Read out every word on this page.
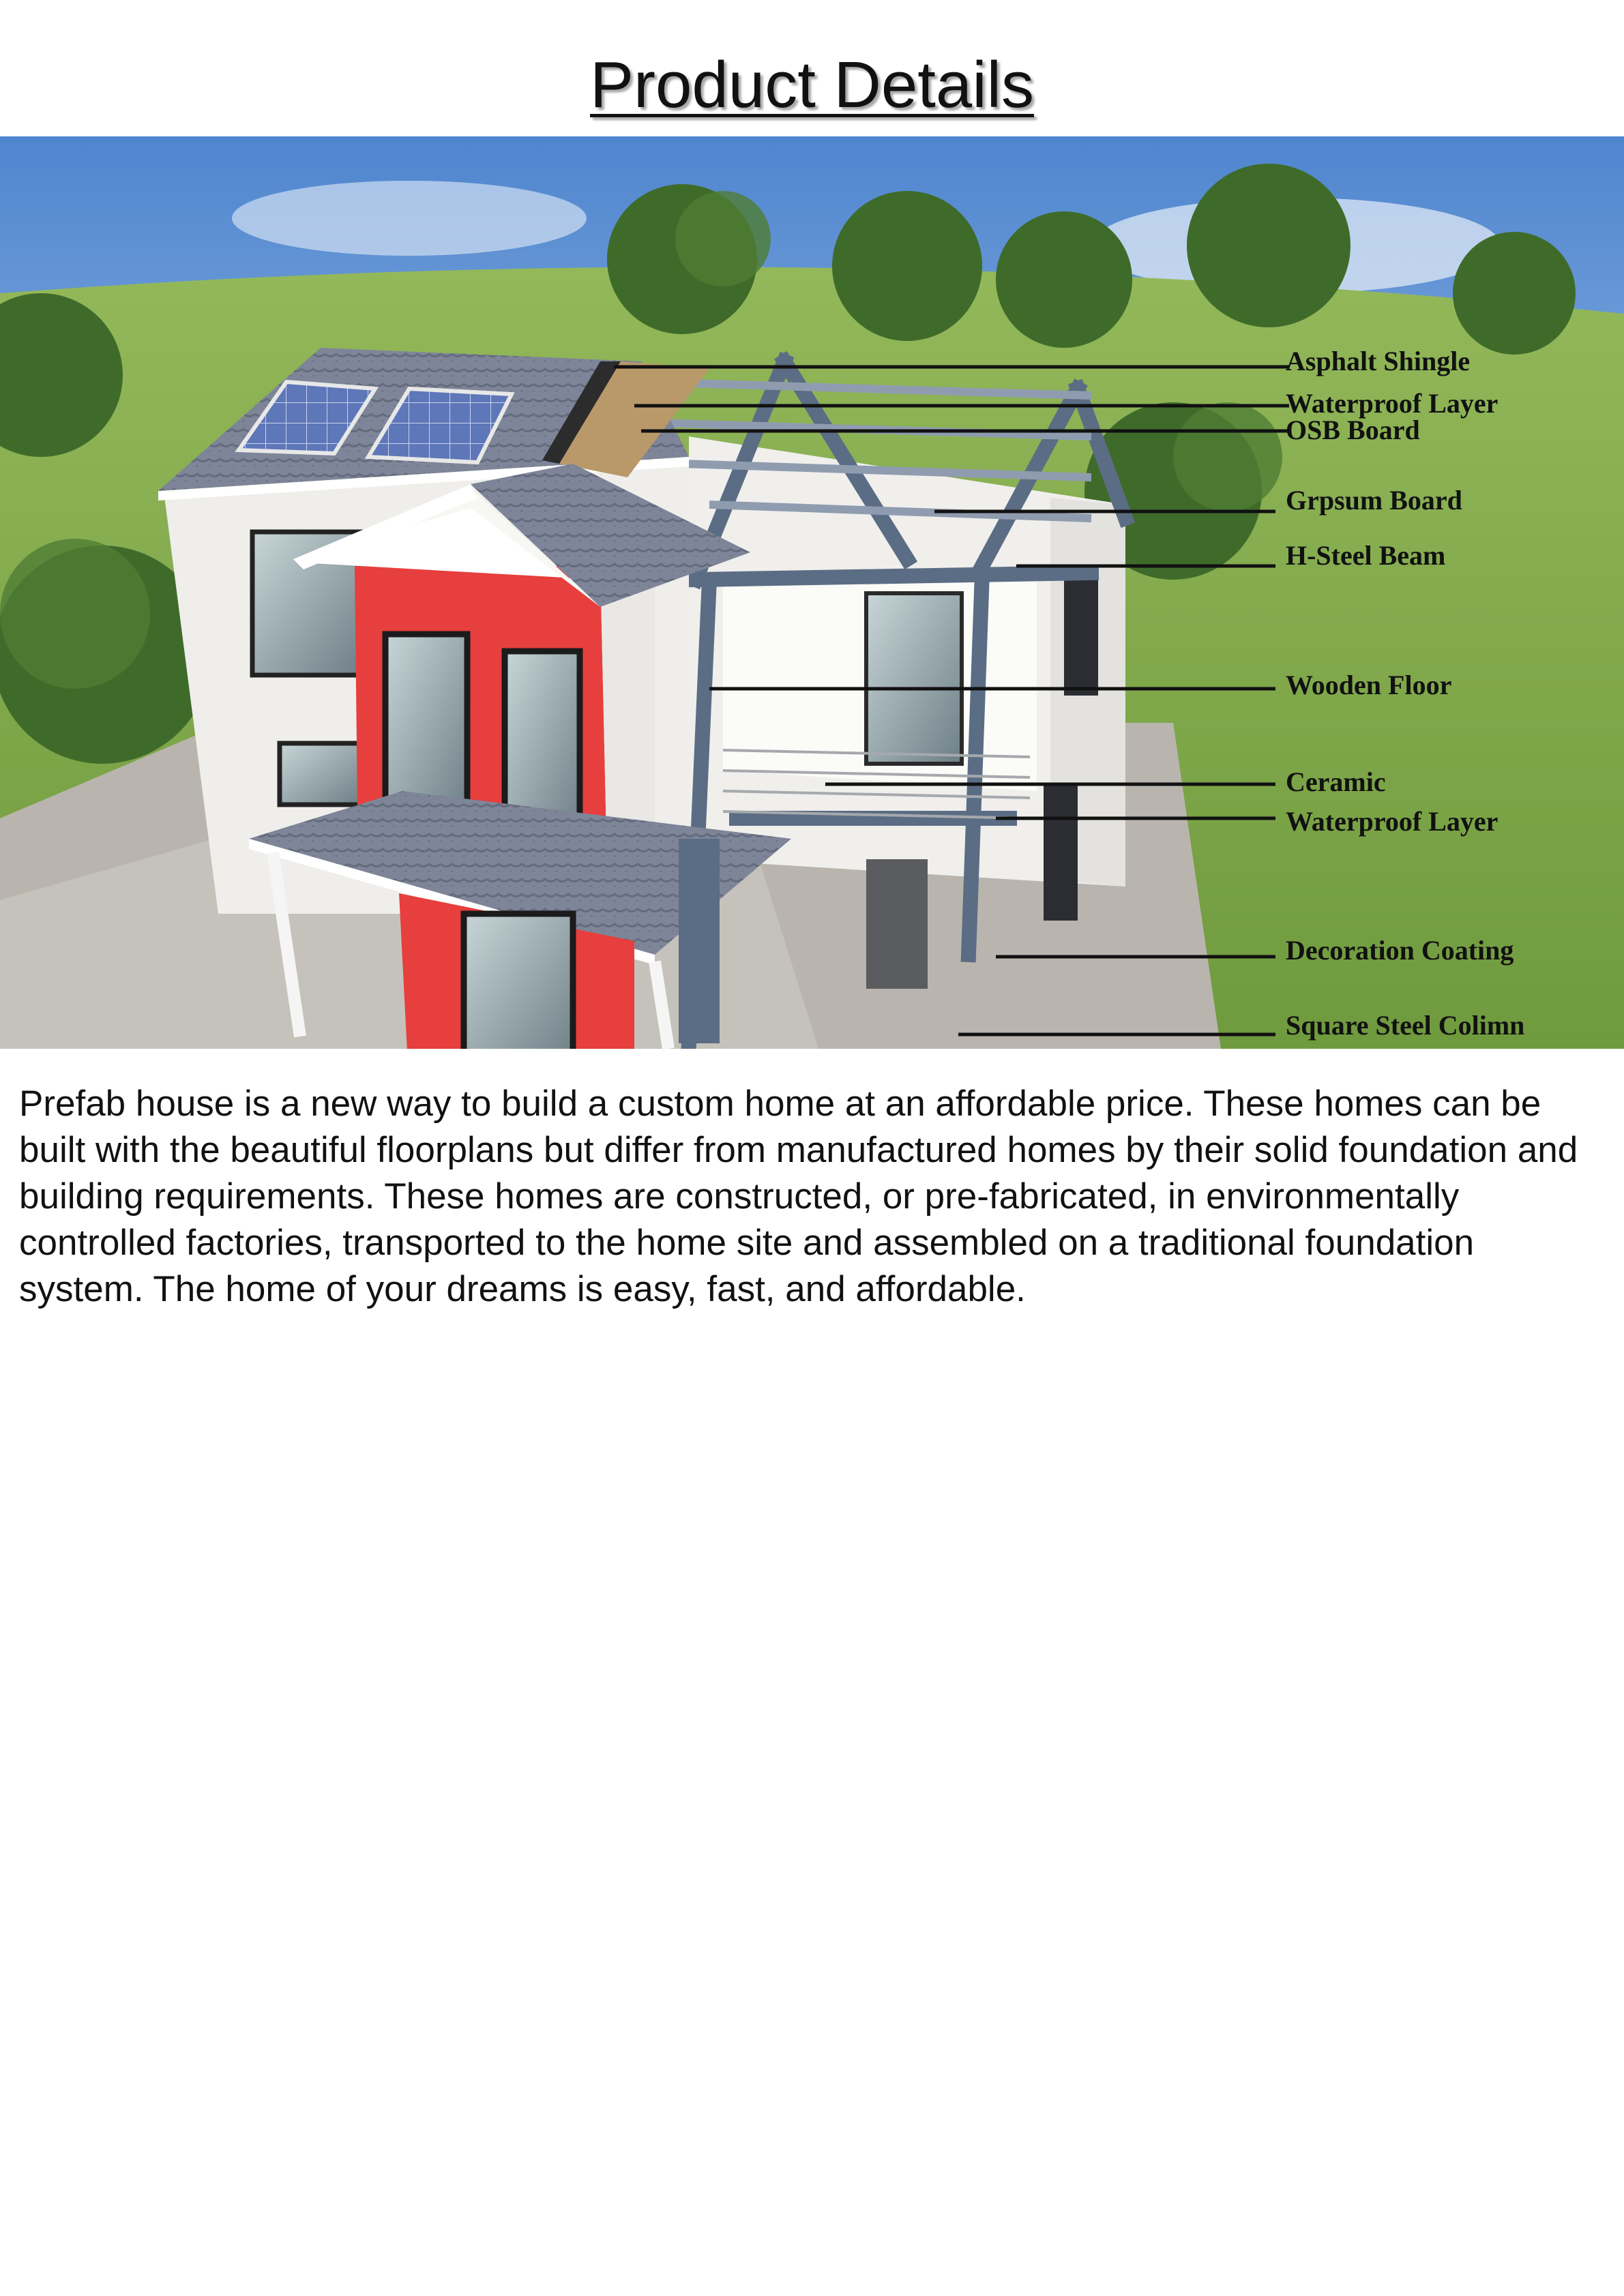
Product Details
Asphalt Shingle
Waterproof Layer
OSB Board
Grpsum Board
H-Steel Beam
Wooden Floor
Ceramic
Waterproof Layer
Decoration Coating
Square Steel Colimn
Prefab house is a new way to build a custom home at an affordable price. These homes can be built with the beautiful floorplans but differ from manufactured homes by their solid foundation and building requirements. These homes are constructed, or pre-fabricated, in environmentally controlled factories, transported to the home site and assembled on a traditional foundation system. The home of your dreams is easy, fast, and affordable.
